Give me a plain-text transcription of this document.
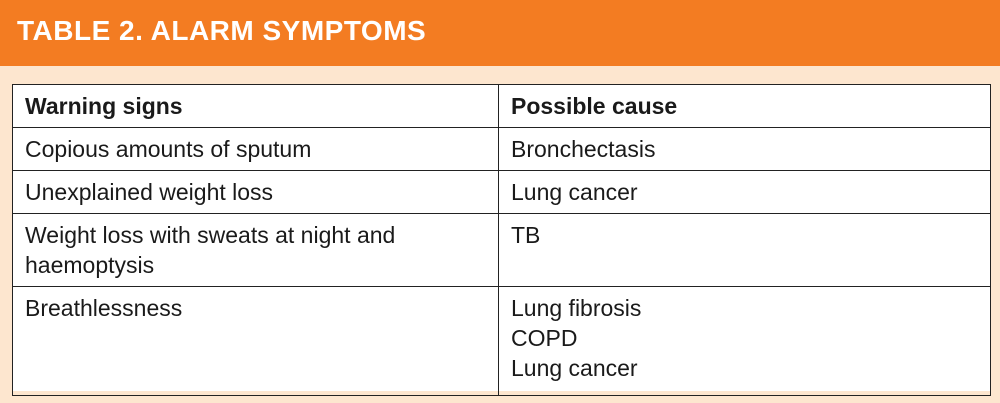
TABLE 2. ALARM SYMPTOMS
Warning signs	Possible cause
Copious amounts of sputum	Bronchectasis

Unexplained weight loss	Lung cancer

Weight loss with sweats at night and haemoptysis	TB

Breathlessness	Lung fibrosis
COPD
Lung cancer
